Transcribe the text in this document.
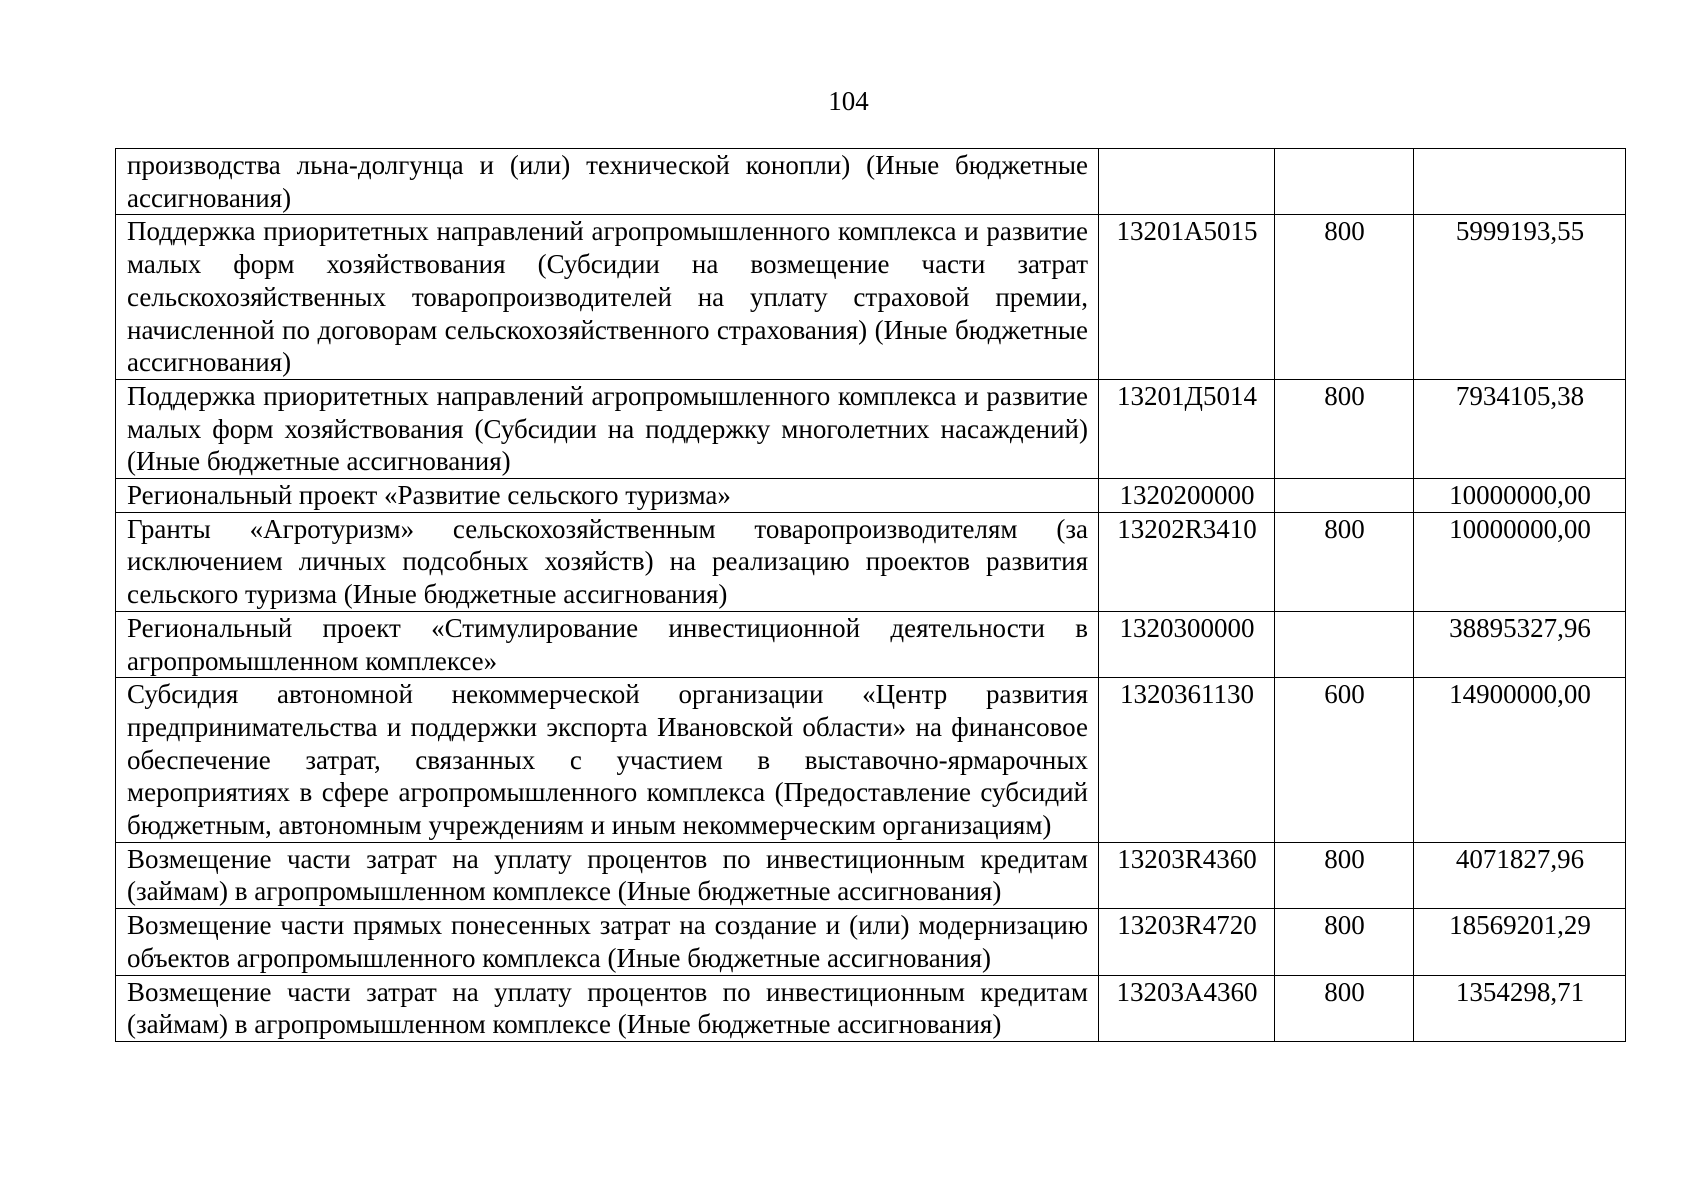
104
производства льна-долгунца и (или) технической конопли) (Иные бюджетные ассигнования)			
Поддержка приоритетных направлений агропромышленного комплекса и развитие малых форм хозяйствования (Субсидии на возмещение части затрат сельскохозяйственных товаропроизводителей на уплату страховой премии, начисленной по договорам сельскохозяйственного страхования) (Иные бюджетные ассигнования)	13201А5015	800	5999193,55
Поддержка приоритетных направлений агропромышленного комплекса и развитие малых форм хозяйствования (Субсидии на поддержку многолетних насаждений) (Иные бюджетные ассигнования)	13201Д5014	800	7934105,38
Региональный проект «Развитие сельского туризма»	1320200000		10000000,00
Гранты «Агротуризм» сельскохозяйственным товаропроизводителям (за исключением личных подсобных хозяйств) на реализацию проектов развития сельского туризма (Иные бюджетные ассигнования)	13202R3410	800	10000000,00
Региональный проект «Стимулирование инвестиционной деятельности в агропромышленном комплексе»	1320300000		38895327,96
Субсидия автономной некоммерческой организации «Центр развития предпринимательства и поддержки экспорта Ивановской области» на финансовое обеспечение затрат, связанных с участием в выставочно-ярмарочных мероприятиях в сфере агропромышленного комплекса (Предоставление субсидий бюджетным, автономным учреждениям и иным некоммерческим организациям)	1320361130	600	14900000,00
Возмещение части затрат на уплату процентов по инвестиционным кредитам (займам) в агропромышленном комплексе (Иные бюджетные ассигнования)	13203R4360	800	4071827,96
Возмещение части прямых понесенных затрат на создание и (или) модернизацию объектов агропромышленного комплекса (Иные бюджетные ассигнования)	13203R4720	800	18569201,29
Возмещение части затрат на уплату процентов по инвестиционным кредитам (займам) в агропромышленном комплексе (Иные бюджетные ассигнования)	13203А4360	800	1354298,71
